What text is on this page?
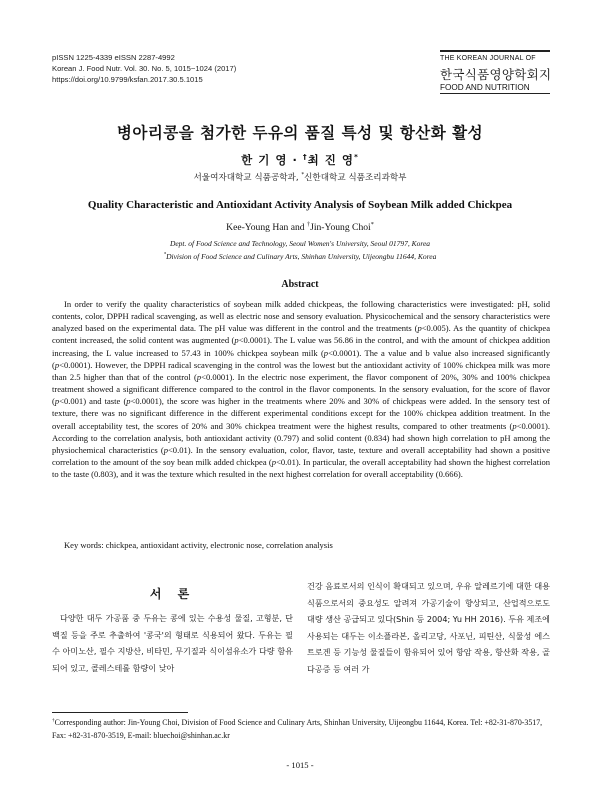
pISSN 1225-4339 eISSN 2287-4992
Korean J. Food Nutr. Vol. 30. No. 5, 1015~1024 (2017)
https://doi.org/10.9799/ksfan.2017.30.5.1015
THE KOREAN JOURNAL OF
한국식품영양학회지
FOOD AND NUTRITION
병아리콩을 첨가한 두유의 품질 특성 및 항산화 활성
한 기 영 · †최 진 영*
서울여자대학교 식품공학과, *신한대학교 식품조리과학부
Quality Characteristic and Antioxidant Activity Analysis of Soybean Milk added Chickpea
Kee-Young Han and †Jin-Young Choi*
Dept. of Food Science and Technology, Seoul Women's University, Seoul 01797, Korea
*Division of Food Science and Culinary Arts, Shinhan University, Uijeongbu 11644, Korea
Abstract

In order to verify the quality characteristics of soybean milk added chickpeas, the following characteristics were investigated: pH, solid contents, color, DPPH radical scavenging, as well as electric nose and sensory evaluation. Physicochemical and the sensory characteristics were analyzed based on the experimental data. The pH value was different in the control and the treatments (p<0.005). As the quantity of chickpea content increased, the solid content was augmented (p<0.0001). The L value was 56.86 in the control, and with the amount of chickpea addition increasing, the L value increased to 57.43 in 100% chickpea soybean milk (p<0.0001). The a value and b value also increased significantly (p<0.0001). However, the DPPH radical scavenging in the control was the lowest but the antioxidant activity of 100% chickpea milk was more than 2.5 higher than that of the control (p<0.0001). In the electric nose experiment, the flavor component of 20%, 30% and 100% chickpea treatment showed a significant difference compared to the control in the flavor components. In the sensory evaluation, for the score of flavor (p<0.001) and taste (p<0.0001), the score was higher in the treatments where 20% and 30% of chickpeas were added. In the sensory test of texture, there was no significant difference in the different experimental conditions except for the 100% chickpea addition treatment. In the overall acceptability test, the scores of 20% and 30% chickpea treatment were the highest results, compared to other treatments (p<0.0001). According to the correlation analysis, both antioxidant activity (0.797) and solid content (0.834) had shown high correlation to pH among the physiochemical characteristics (p<0.01). In the sensory evaluation, color, flavor, taste, texture and overall acceptability had shown a positive correlation to the amount of the soy bean milk added chickpea (p<0.01). In particular, the overall acceptability had shown the highest correlation to the taste (0.803), and it was the texture which resulted in the next highest correlation for overall acceptability (0.666).

Key words: chickpea, antioxidant activity, electronic nose, correlation analysis
서 론

다양한 대두 가공품 중 두유는 콩에 있는 수용성 물질, 고형분, 단백질 등을 주로 추출하여 '콩국'의 형태로 식용되어 왔다. 두유는 필수 아미노산, 필수 지방산, 비타민, 무기질과 식이섬유소가 다량 함유되어 있고, 콜레스테롤 함량이 낮아

건강 음료로서의 인식이 확대되고 있으며, 우유 알레르기에 대한 대용식품으로서의 중요성도 알려져 가공기술이 향상되고, 산업적으로도 대량 생산 공급되고 있다(Shin 등 2004; Yu HH 2016). 두유 제조에 사용되는 대두는 이소플라본, 올리고당, 사포닌, 피틴산, 식물성 에스트로겐 등 기능성 물질들이 함유되어 있어 항암 작용, 항산화 작용, 골다공증 등 여러 가

†Corresponding author: Jin-Young Choi, Division of Food Science and Culinary Arts, Shinhan University, Uijeongbu 11644, Korea. Tel: +82-31-870-3517, Fax: +82-31-870-3519, E-mail: bluechoi@shinhan.ac.kr
- 1015 -
